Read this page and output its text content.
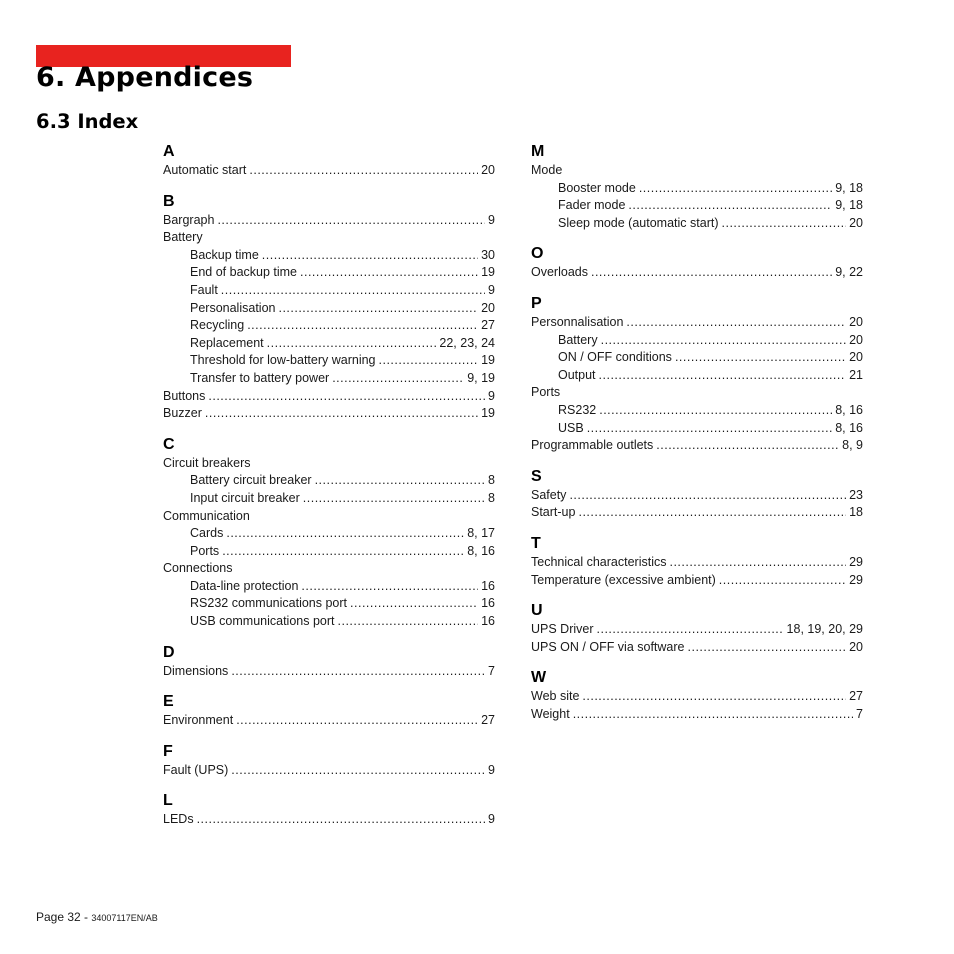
6. Appendices
6.3 Index
A
Automatic start .....	20
B
Bargraph .....	9
Battery
Backup time .....	30
End of backup time .....	19
Fault .....	9
Personalisation .....	20
Recycling .....	27
Replacement .....	22, 23, 24
Threshold for low-battery warning .....	19
Transfer to battery power .....	9, 19
Buttons .....	9
Buzzer .....	19
C
Circuit breakers
Battery circuit breaker .....	8
Input circuit breaker .....	8
Communication
Cards .....	8, 17
Ports .....	8, 16
Connections
Data-line protection .....	16
RS232 communications port .....	16
USB communications port .....	16
D
Dimensions .....	7
E
Environment .....	27
F
Fault (UPS) .....	9
L
LEDs .....	9
M
Mode
Booster mode .....	9, 18
Fader mode .....	9, 18
Sleep mode (automatic start) .....	20
O
Overloads .....	9, 22
P
Personnalisation .....	20
Battery .....	20
ON / OFF conditions .....	20
Output .....	21
Ports
RS232 .....	8, 16
USB .....	8, 16
Programmable outlets .....	8, 9
S
Safety .....	23
Start-up .....	18
T
Technical characteristics .....	29
Temperature (excessive ambient) .....	29
U
UPS Driver .....	18, 19, 20, 29
UPS ON / OFF via software .....	20
W
Web site .....	27
Weight .....	7
Page 32 - 34007117EN/AB
